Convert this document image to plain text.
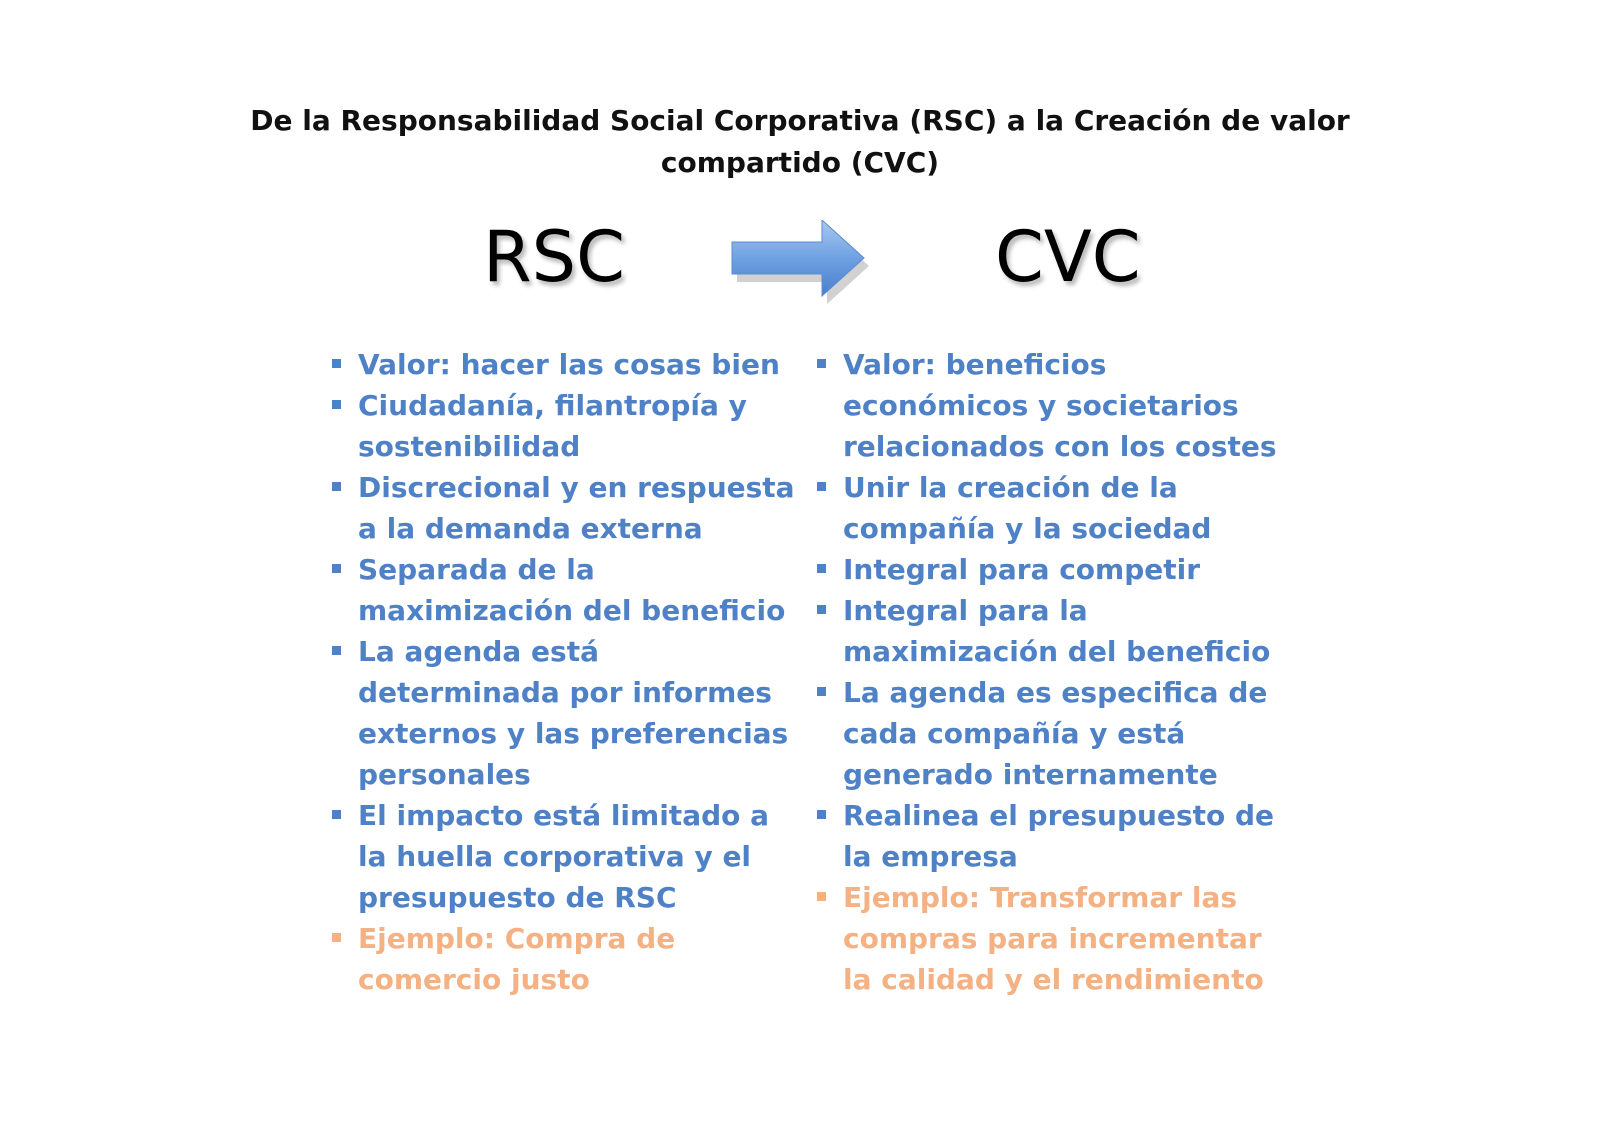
De la Responsabilidad Social Corporativa (RSC) a la Creación de valor compartido (CVC)
RSC	CVC
Valor: hacer las cosas bien
Ciudadanía, filantropía y sostenibilidad
Discrecional y en respuesta a la demanda externa
Separada de la maximización del beneficio
La agenda está determinada por informes externos y las preferencias personales
El impacto está limitado a la huella corporativa y el presupuesto de RSC
Ejemplo: Compra de comercio justo
Valor: beneficios económicos y societarios relacionados con los costes
Unir la creación de la compañía y la sociedad
Integral para competir
Integral para la maximización del beneficio
La agenda es especifica de cada compañía y está generado internamente
Realinea el presupuesto de la empresa
Ejemplo: Transformar las compras para incrementar la calidad y el rendimiento
